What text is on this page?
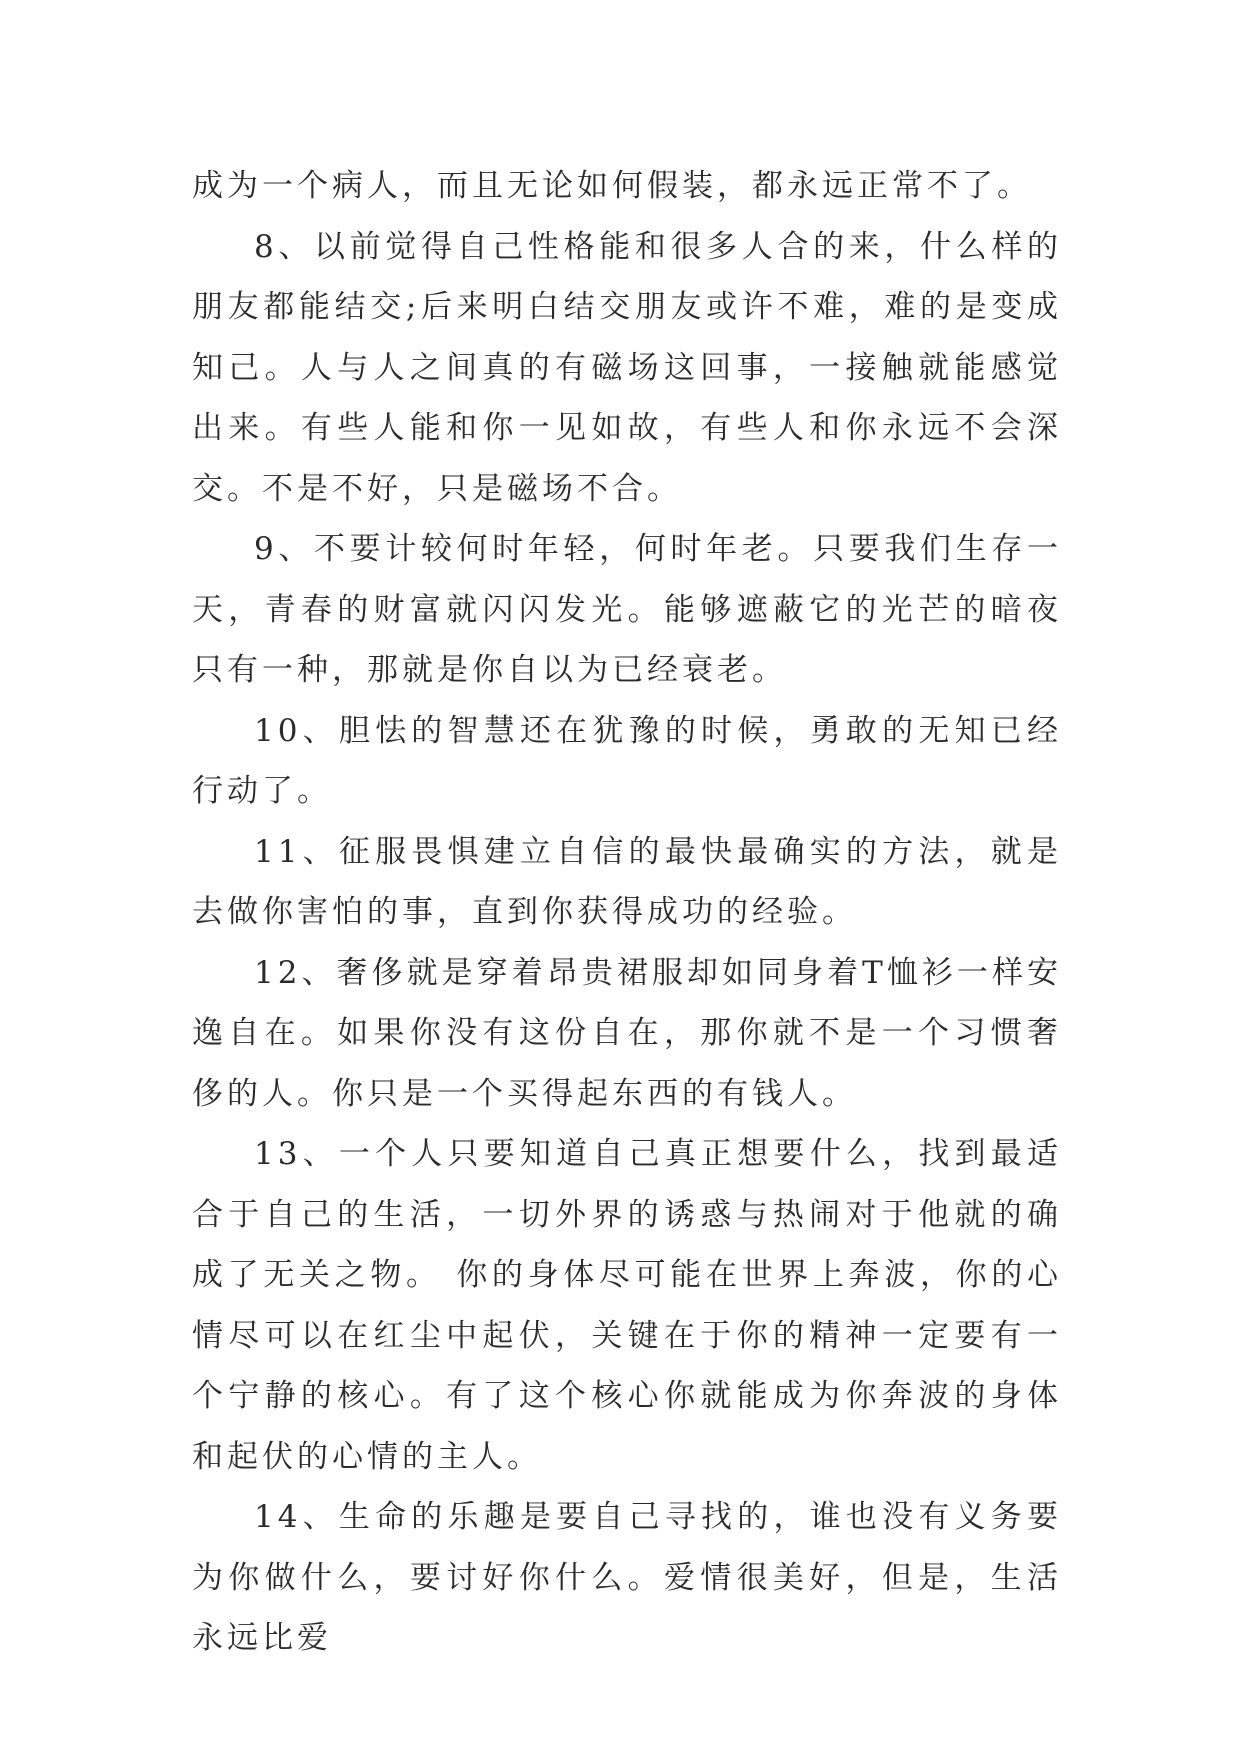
成为一个病人，而且无论如何假装，都永远正常不了。

8、以前觉得自己性格能和很多人合的来，什么样的朋友都能结交;后来明白结交朋友或许不难，难的是变成知己。人与人之间真的有磁场这回事，一接触就能感觉出来。有些人能和你一见如故，有些人和你永远不会深交。不是不好，只是磁场不合。

9、不要计较何时年轻，何时年老。只要我们生存一天，青春的财富就闪闪发光。能够遮蔽它的光芒的暗夜只有一种，那就是你自以为已经衰老。

10、胆怯的智慧还在犹豫的时候，勇敢的无知已经行动了。

11、征服畏惧建立自信的最快最确实的方法，就是去做你害怕的事，直到你获得成功的经验。

12、奢侈就是穿着昂贵裙服却如同身着T恤衫一样安逸自在。如果你没有这份自在，那你就不是一个习惯奢侈的人。你只是一个买得起东西的有钱人。

13、一个人只要知道自己真正想要什么，找到最适合于自己的生活，一切外界的诱惑与热闹对于他就的确成了无关之物。 你的身体尽可能在世界上奔波，你的心情尽可以在红尘中起伏，关键在于你的精神一定要有一个宁静的核心。有了这个核心你就能成为你奔波的身体和起伏的心情的主人。

14、生命的乐趣是要自己寻找的，谁也没有义务要为你做什么，要讨好你什么。爱情很美好，但是，生活永远比爱
